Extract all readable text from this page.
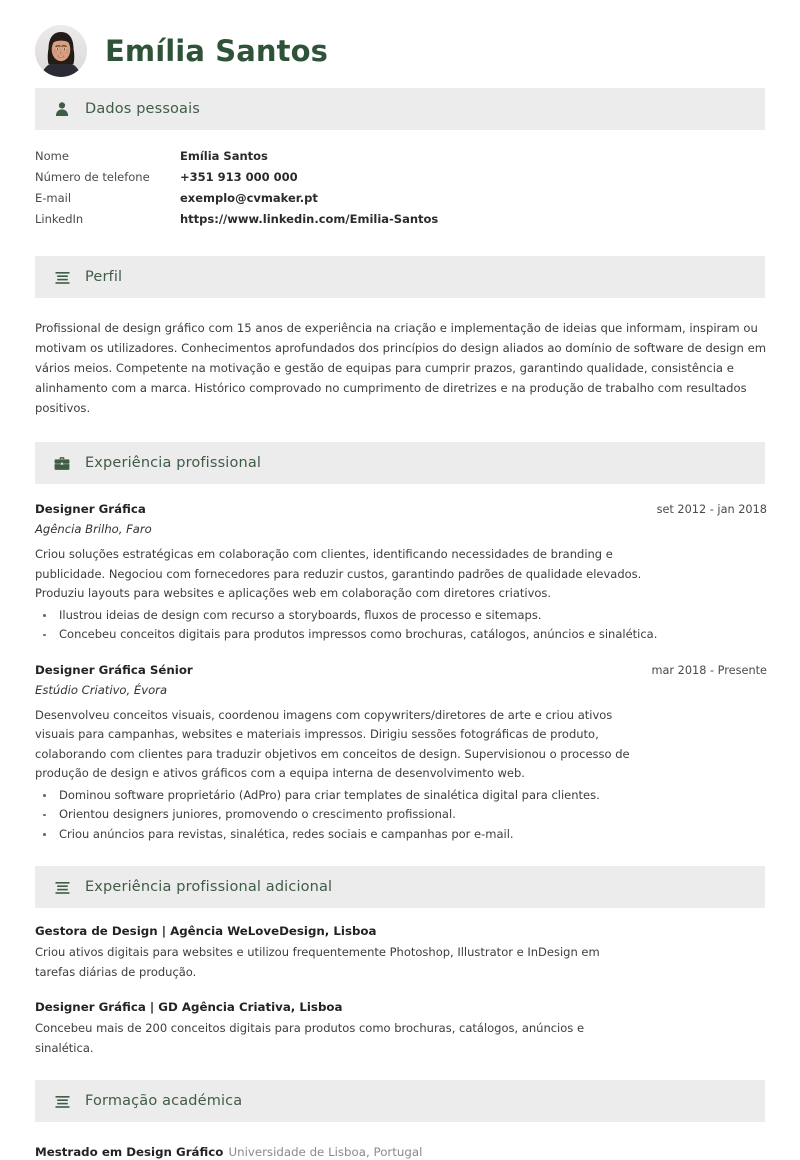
Emília Santos
Dados pessoais
Nome	Emília Santos
Número de telefone	+351 913 000 000
E-mail	exemplo@cvmaker.pt
LinkedIn	https://www.linkedin.com/Emilia-Santos
Perfil
Profissional de design gráfico com 15 anos de experiência na criação e implementação de ideias que informam, inspiram ou motivam os utilizadores. Conhecimentos aprofundados dos princípios do design aliados ao domínio de software de design em vários meios. Competente na motivação e gestão de equipas para cumprir prazos, garantindo qualidade, consistência e alinhamento com a marca. Histórico comprovado no cumprimento de diretrizes e na produção de trabalho com resultados positivos.
Experiência profissional
Designer Gráfica	set 2012 - jan 2018
Agência Brilho, Faro
Criou soluções estratégicas em colaboração com clientes, identificando necessidades de branding e publicidade. Negociou com fornecedores para reduzir custos, garantindo padrões de qualidade elevados. Produziu layouts para websites e aplicações web em colaboração com diretores criativos.
Ilustrou ideias de design com recurso a storyboards, fluxos de processo e sitemaps.
Concebeu conceitos digitais para produtos impressos como brochuras, catálogos, anúncios e sinalética.
Designer Gráfica Sénior	mar 2018 - Presente
Estúdio Criativo, Évora
Desenvolveu conceitos visuais, coordenou imagens com copywriters/diretores de arte e criou ativos visuais para campanhas, websites e materiais impressos. Dirigiu sessões fotográficas de produto, colaborando com clientes para traduzir objetivos em conceitos de design. Supervisionou o processo de produção de design e ativos gráficos com a equipa interna de desenvolvimento web.
Dominou software proprietário (AdPro) para criar templates de sinalética digital para clientes.
Orientou designers juniores, promovendo o crescimento profissional.
Criou anúncios para revistas, sinalética, redes sociais e campanhas por e-mail.
Experiência profissional adicional
Gestora de Design | Agência WeLoveDesign, Lisboa
Criou ativos digitais para websites e utilizou frequentemente Photoshop, Illustrator e InDesign em tarefas diárias de produção.
Designer Gráfica | GD Agência Criativa, Lisboa
Concebeu mais de 200 conceitos digitais para produtos como brochuras, catálogos, anúncios e sinalética.
Formação académica
Mestrado em Design Gráfico Universidade de Lisboa, Portugal
